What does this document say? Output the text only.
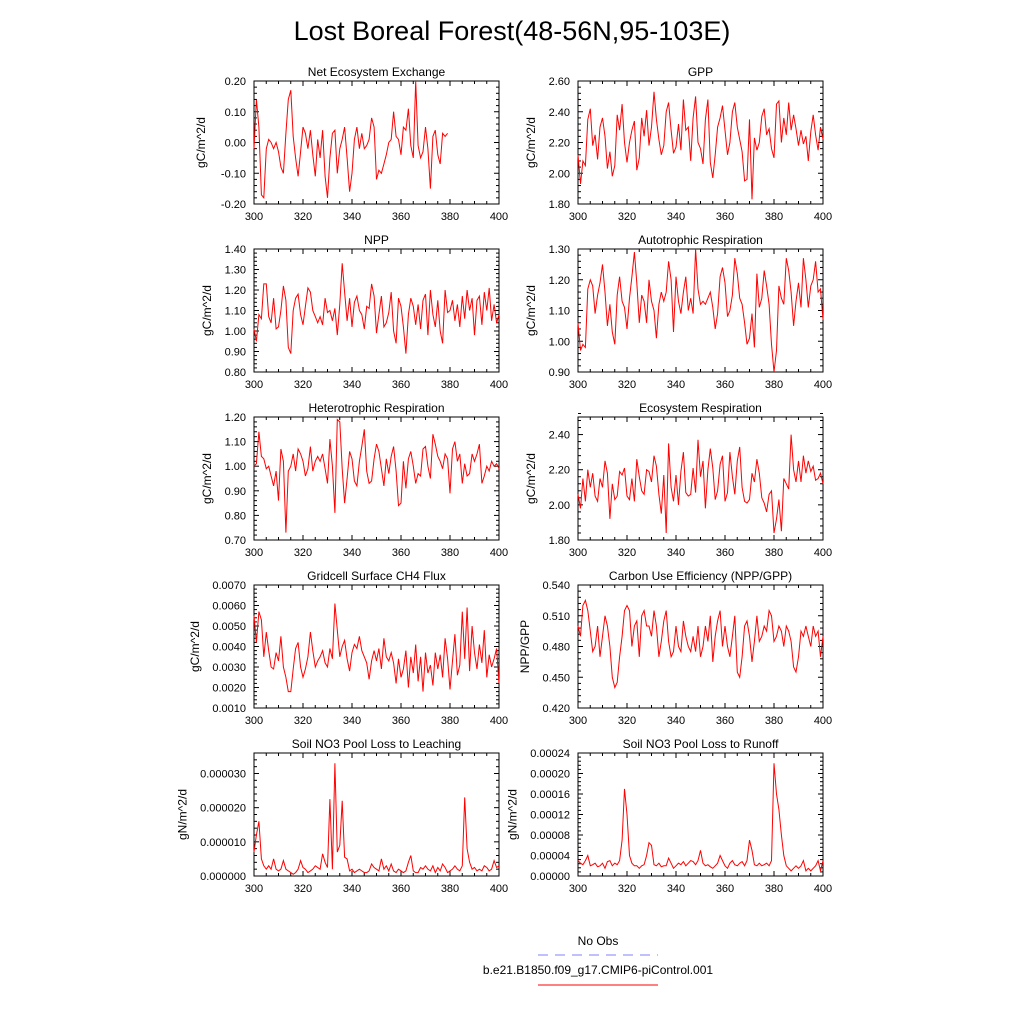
Lost Boreal Forest(48-56N,95-103E)
Net Ecosystem Exchange
300	320	340	360	380	400
-0.20
-0.10
0.00
0.10
0.20
gC/m^2/d
GPP
300	320	340	360	380	400
1.80
2.00
2.20
2.40
2.60
gC/m^2/d
NPP
300	320	340	360	380	400
0.80
0.90
1.00
1.10
1.20
1.30
1.40
gC/m^2/d
Autotrophic Respiration
300	320	340	360	380	400
0.90
1.00
1.10
1.20
1.30
gC/m^2/d
Heterotrophic Respiration
300	320	340	360	380	400
0.70
0.80
0.90
1.00
1.10
1.20
gC/m^2/d
Ecosystem Respiration
300	320	340	360	380	400
1.80
2.00
2.20
2.40
gC/m^2/d
Gridcell Surface CH4 Flux
300	320	340	360	380	400
0.0010
0.0020
0.0030
0.0040
0.0050
0.0060
0.0070
gC/m^2/d
Carbon Use Efficiency (NPP/GPP)
300	320	340	360	380	400
0.420
0.450
0.480
0.510
0.540
NPP/GPP
Soil NO3 Pool Loss to Leaching
300	320	340	360	380	400
0.000000
0.000010
0.000020
0.000030
gN/m^2/d
Soil NO3 Pool Loss to Runoff
300	320	340	360	380	400
0.00000
0.00004
0.00008
0.00012
0.00016
0.00020
0.00024
gN/m^2/d
No Obs
b.e21.B1850.f09_g17.CMIP6-piControl.001
